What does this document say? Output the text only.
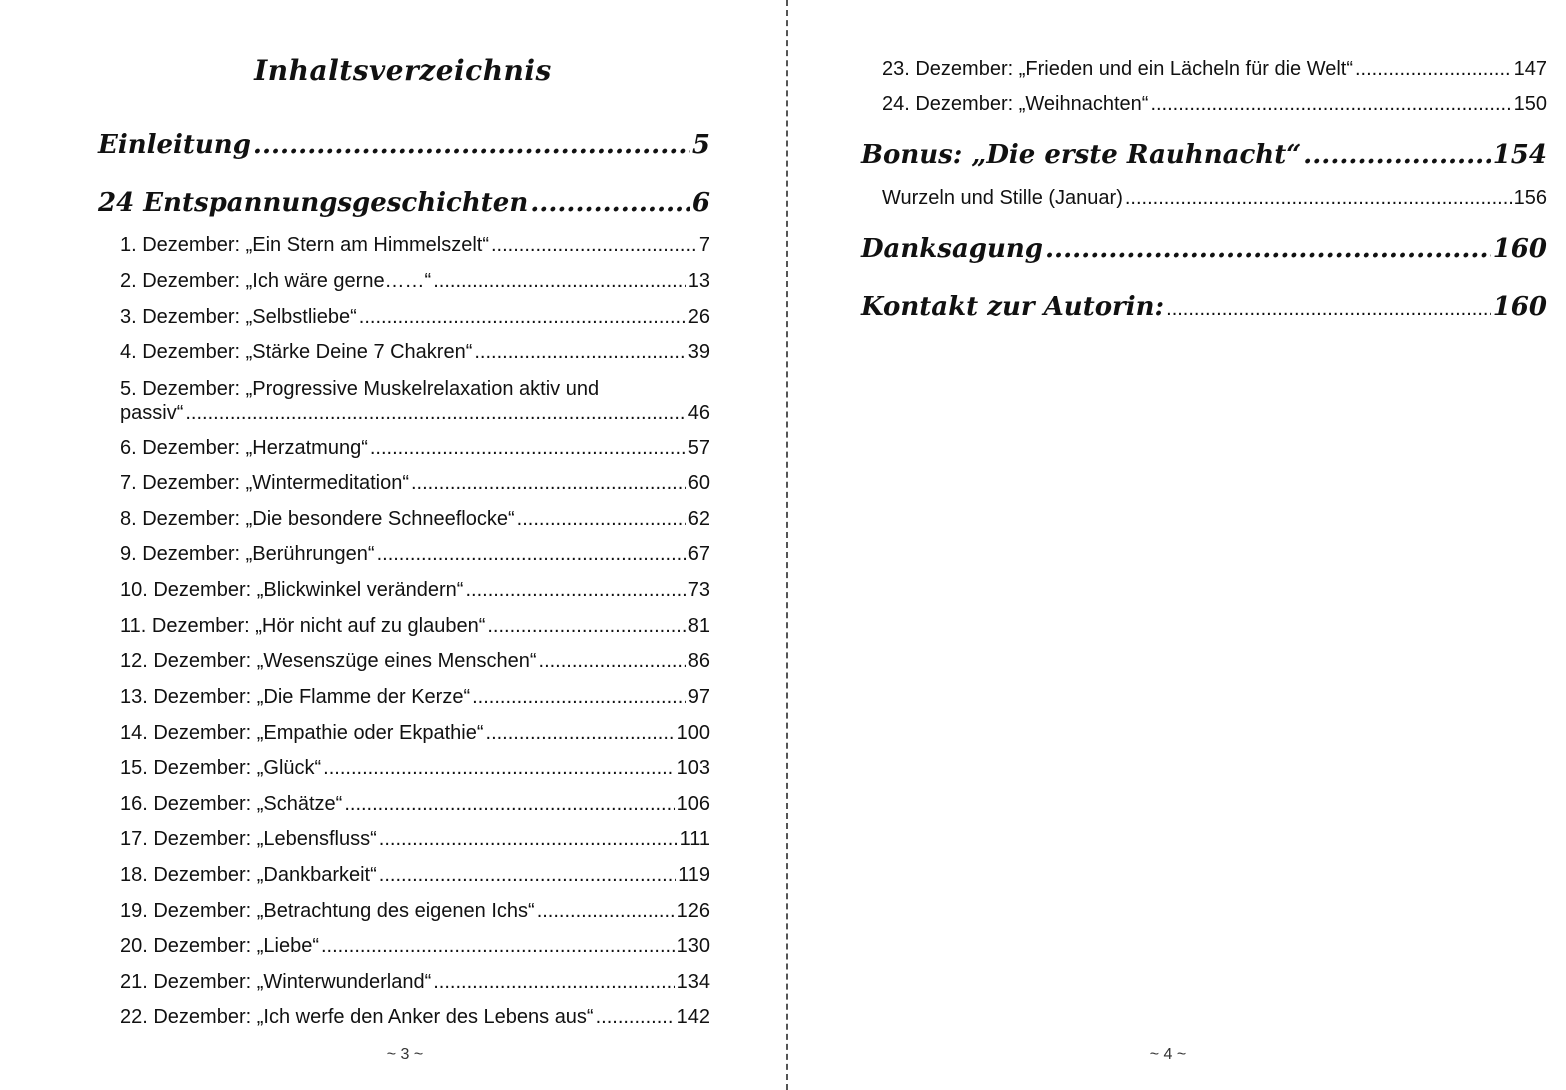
Inhaltsverzeichnis
Einleitung .....	5
24 Entspannungsgeschichten .....	6
1. Dezember: „Ein Stern am Himmelszelt“ .....	7
2. Dezember: „Ich wäre gerne……“ .....	13
3. Dezember: „Selbstliebe“ .....	26
4. Dezember: „Stärke Deine 7 Chakren“ .....	39
5. Dezember: „Progressive Muskelrelaxation aktiv und
passiv“ .....	46
6. Dezember: „Herzatmung“ .....	57
7. Dezember: „Wintermeditation“ .....	60
8. Dezember: „Die besondere Schneeflocke“ .....	62
9. Dezember: „Berührungen“ .....	67
10. Dezember: „Blickwinkel verändern“ .....	73
11. Dezember: „Hör nicht auf zu glauben“ .....	81
12. Dezember: „Wesenszüge eines Menschen“ .....	86
13. Dezember: „Die Flamme der Kerze“ .....	97
14. Dezember: „Empathie oder Ekpathie“ .....	100
15. Dezember: „Glück“ .....	103
16. Dezember: „Schätze“ .....	106
17. Dezember: „Lebensfluss“ .....	111
18. Dezember: „Dankbarkeit“ .....	119
19. Dezember: „Betrachtung des eigenen Ichs“ .....	126
20. Dezember: „Liebe“ .....	130
21. Dezember: „Winterwunderland“ .....	134
22. Dezember: „Ich werfe den Anker des Lebens aus“ .....	142
~ 3 ~
23. Dezember: „Frieden und ein Lächeln für die Welt“ .....	147
24. Dezember: „Weihnachten“ .....	150
Bonus: „Die erste Rauhnacht“ .....	154
Wurzeln und Stille (Januar) .....	156
Danksagung .....	160
Kontakt zur Autorin: .....	160
~ 4 ~
